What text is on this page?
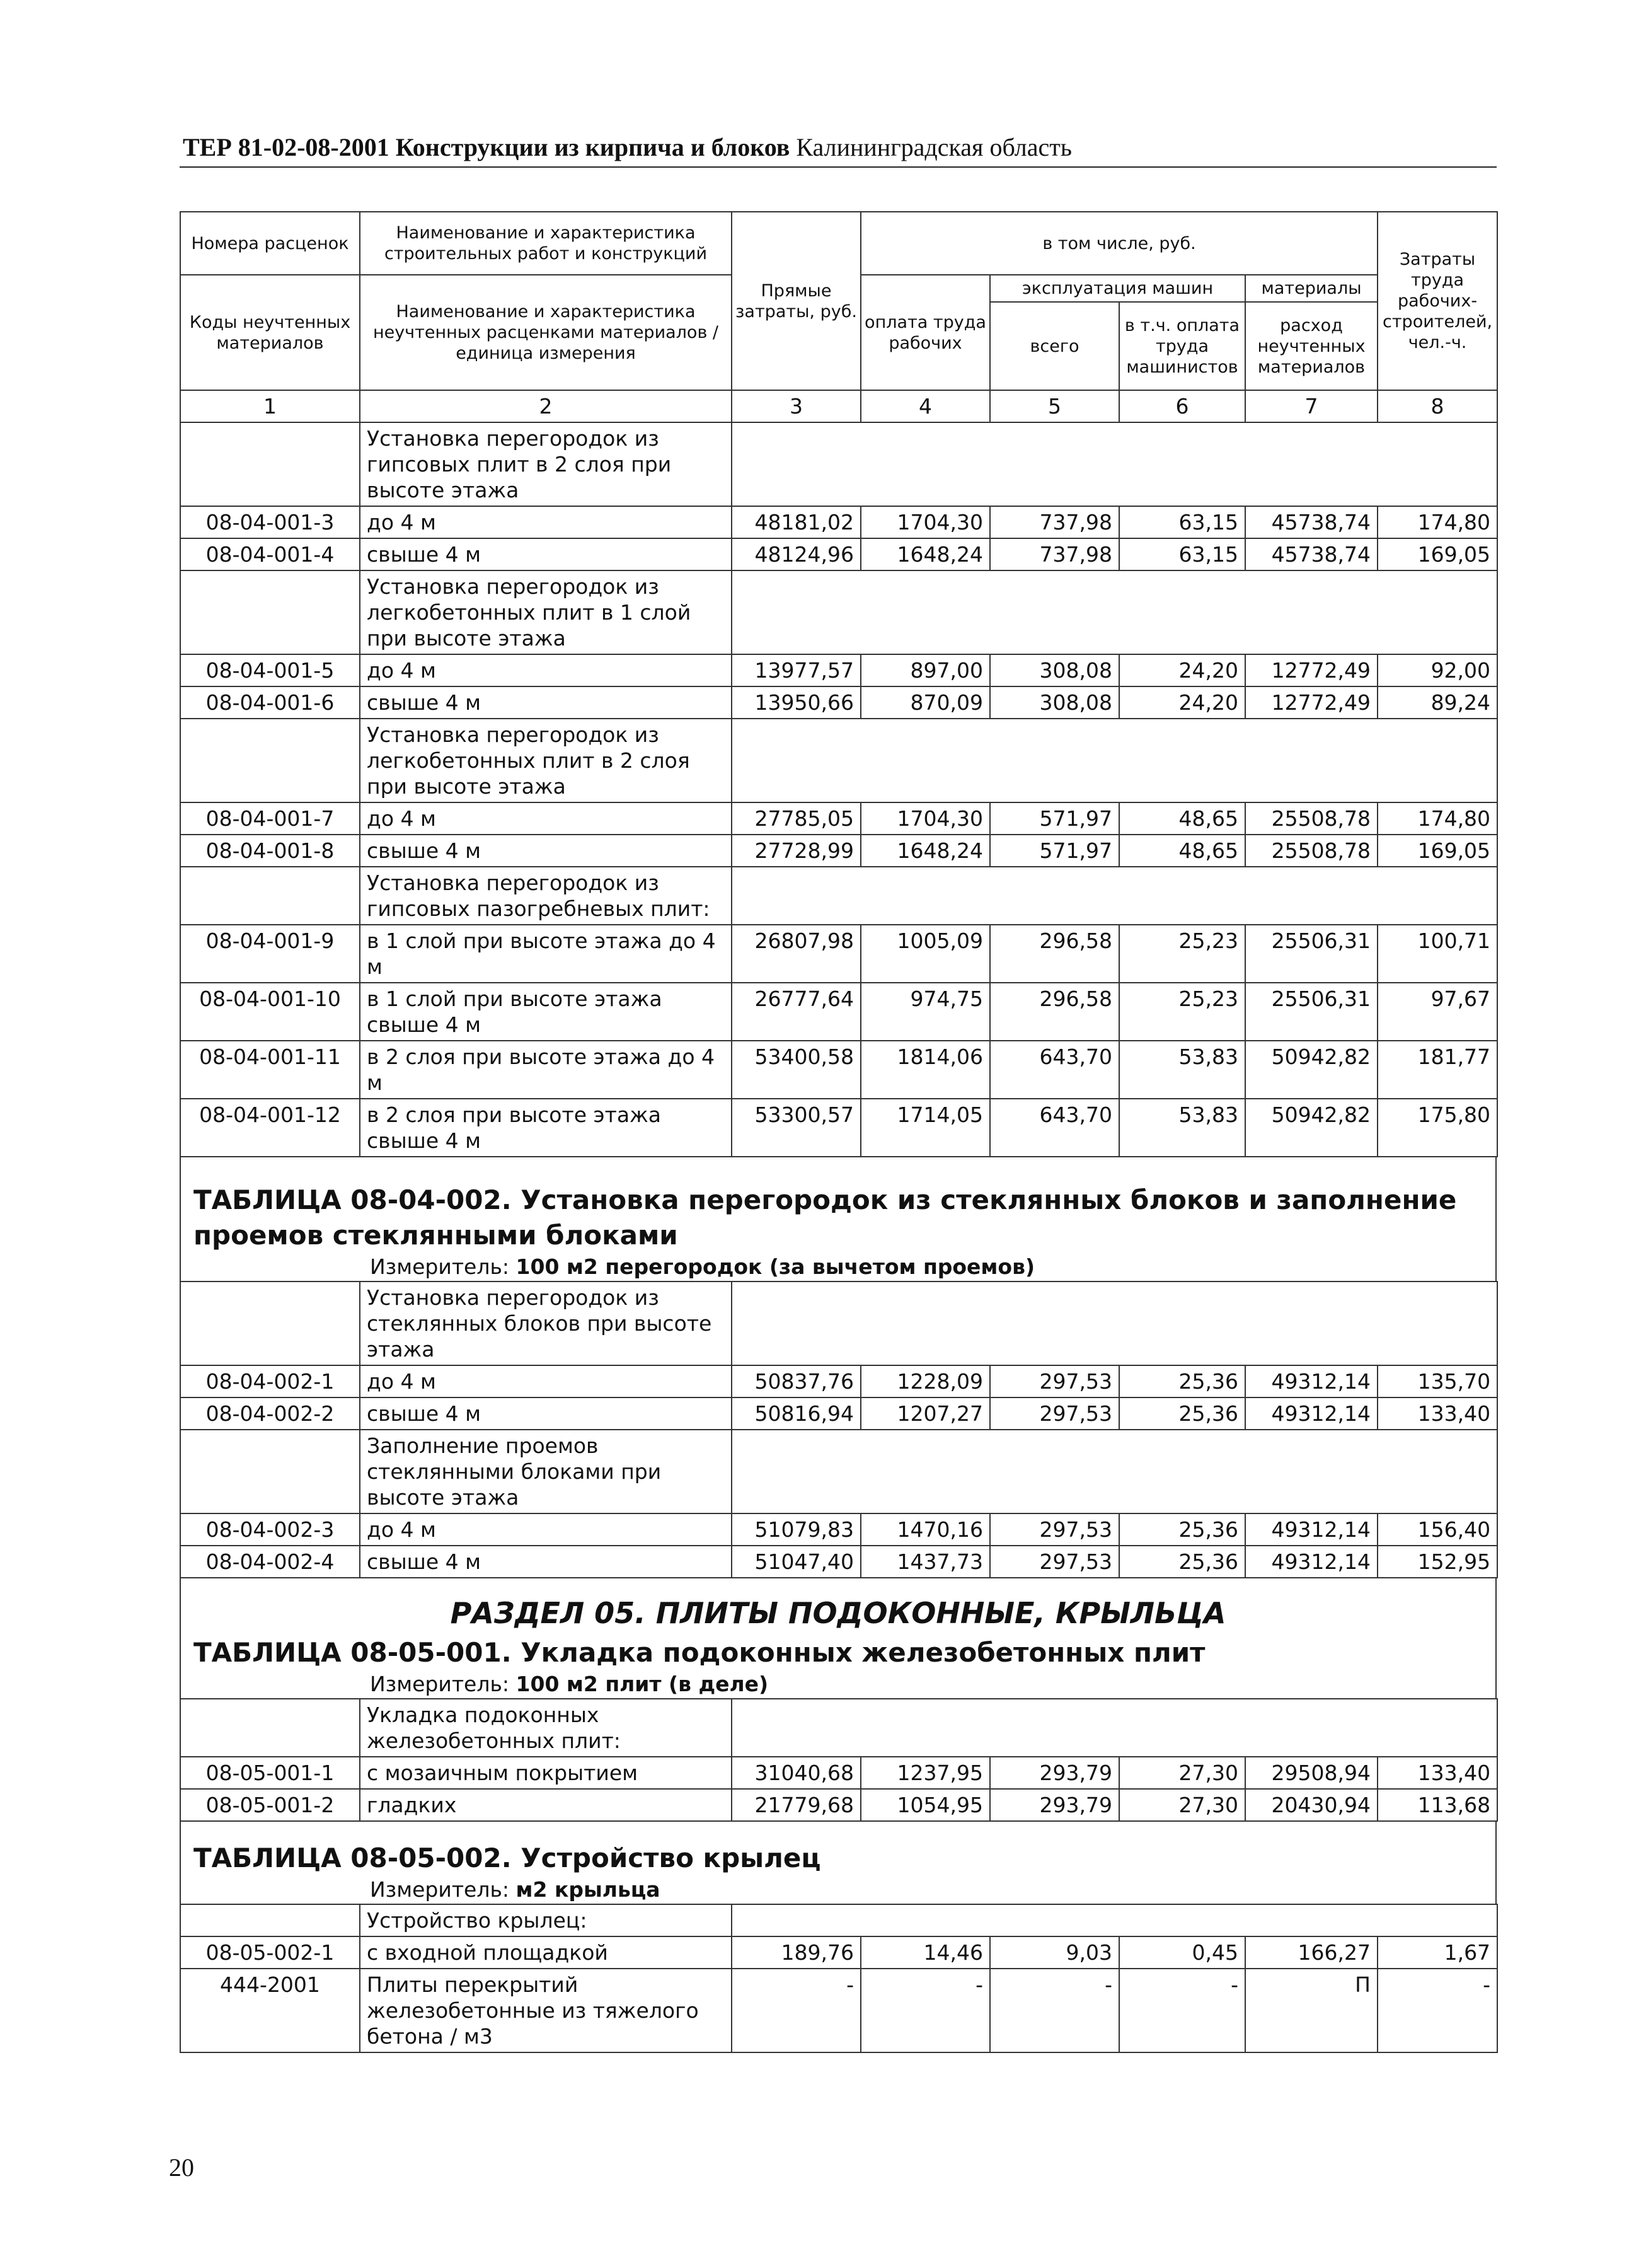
ТЕР 81-02-08-2001 Конструкции из кирпича и блоков Калининградская область
Номера расценок	Наименование и характеристика строительных работ и конструкций	Прямые затраты, руб.	в том числе, руб.				Затраты труда рабочих-строителей, чел.-ч.
Коды неучтенных материалов	Наименование и характеристика неучтенных расценками материалов / единица измерения		оплата труда рабочих	эксплуатация машин		материалы	
				всего	в т.ч. оплата труда машинистов	расход неучтенных материалов	
1	2	3	4	5	6	7	8
	Установка перегородок из гипсовых плит в 2 слоя при высоте этажа						
08-04-001-3	до 4 м	48181,02	1704,30	737,98	63,15	45738,74	174,80
08-04-001-4	свыше 4 м	48124,96	1648,24	737,98	63,15	45738,74	169,05
	Установка перегородок из легкобетонных плит в 1 слой при высоте этажа						
08-04-001-5	до 4 м	13977,57	897,00	308,08	24,20	12772,49	92,00
08-04-001-6	свыше 4 м	13950,66	870,09	308,08	24,20	12772,49	89,24
	Установка перегородок из легкобетонных плит в 2 слоя при высоте этажа						
08-04-001-7	до 4 м	27785,05	1704,30	571,97	48,65	25508,78	174,80
08-04-001-8	свыше 4 м	27728,99	1648,24	571,97	48,65	25508,78	169,05
	Установка перегородок из гипсовых пазогребневых плит:						
08-04-001-9	в 1 слой при высоте этажа до 4 м	26807,98	1005,09	296,58	25,23	25506,31	100,71
08-04-001-10	в 1 слой при высоте этажа свыше 4 м	26777,64	974,75	296,58	25,23	25506,31	97,67
08-04-001-11	в 2 слоя при высоте этажа до 4 м	53400,58	1814,06	643,70	53,83	50942,82	181,77
08-04-001-12	в 2 слоя при высоте этажа свыше 4 м	53300,57	1714,05	643,70	53,83	50942,82	175,80
ТАБЛИЦА 08-04-002. Установка перегородок из стеклянных блоков и заполнение проемов стеклянными блоками
Измеритель: 100 м2 перегородок (за вычетом проемов)
	Установка перегородок из стеклянных блоков при высоте этажа						
08-04-002-1	до 4 м	50837,76	1228,09	297,53	25,36	49312,14	135,70
08-04-002-2	свыше 4 м	50816,94	1207,27	297,53	25,36	49312,14	133,40
	Заполнение проемов стеклянными блоками при высоте этажа						
08-04-002-3	до 4 м	51079,83	1470,16	297,53	25,36	49312,14	156,40
08-04-002-4	свыше 4 м	51047,40	1437,73	297,53	25,36	49312,14	152,95
РАЗДЕЛ 05. ПЛИТЫ ПОДОКОННЫЕ, КРЫЛЬЦА
ТАБЛИЦА 08-05-001. Укладка подоконных железобетонных плит
Измеритель: 100 м2 плит (в деле)
	Укладка подоконных железобетонных плит:						
08-05-001-1	с мозаичным покрытием	31040,68	1237,95	293,79	27,30	29508,94	133,40
08-05-001-2	гладких	21779,68	1054,95	293,79	27,30	20430,94	113,68
ТАБЛИЦА 08-05-002. Устройство крылец
Измеритель: м2 крыльца
	Устройство крылец:						
08-05-002-1	с входной площадкой	189,76	14,46	9,03	0,45	166,27	1,67
444-2001	Плиты перекрытий железобетонные из тяжелого бетона / м3	-	-	-	-	П	-
20
